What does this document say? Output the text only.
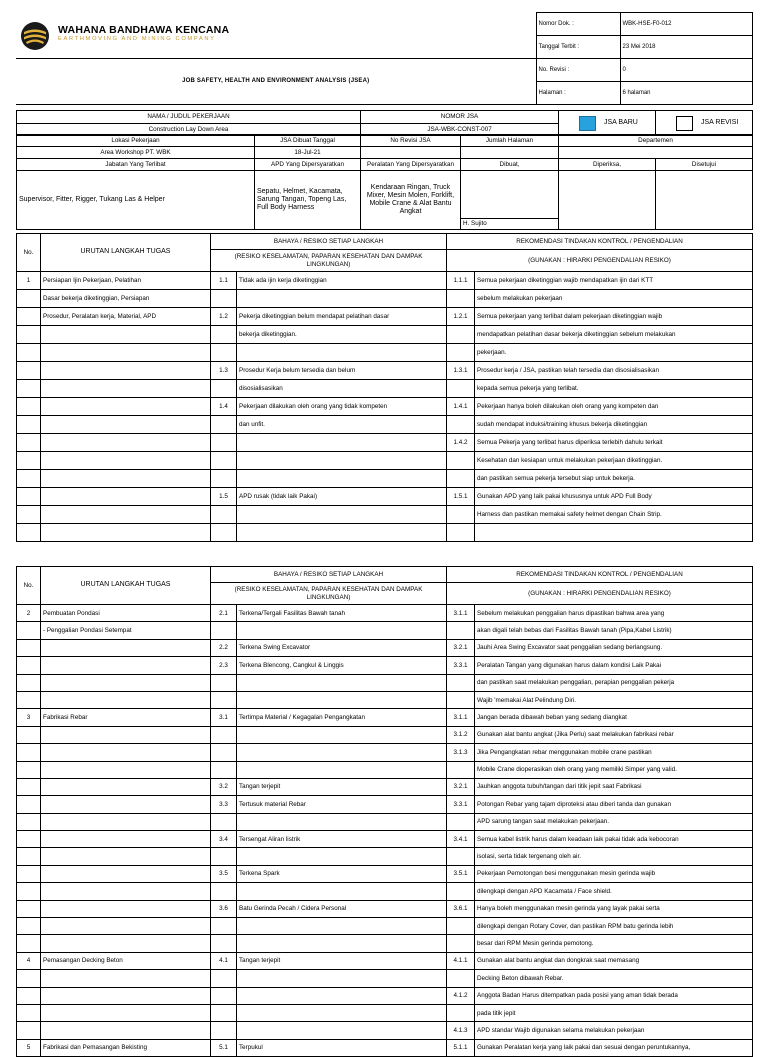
WAHANA BANDHAWA KENCANA
EARTHMOVING AND MINING COMPANY	Nomor Dok. :	WBK-HSE-F0-012
	Tanggal Terbit :	23 Mei 2018
JOB SAFETY, HEALTH AND ENVIRONMENT ANALYSIS (JSEA)	No. Revisi :	0
	Halaman :	6 halaman
NAMA / JUDUL PEKERJAAN	NOMOR JSA	JSA BARU JSA REVISI

Construction Lay Down Area	JSA-WBK-CONST-007	
Lokasi Pekerjaan	JSA Dibuat Tanggal	No Revisi JSA	Jumlah Halaman	Departemen	
Area Workshop PT. WBK	18-Jul-21				
Jabatan Yang Terlibat	APD Yang Dipersyaratkan	Peralatan Yang Dipersyaratkan	Dibuat,	Diperiksa,	Disetujui
Supervisor, Fitter, Rigger, Tukang Las & Helper	Sepatu, Helmet, Kacamata, Sarung Tangan, Topeng Las, Full Body Harness	Kendaraan Ringan, Truck Mixer, Mesin Molen, Forklift, Mobile Crane & Alat Bantu Angkat			
			H. Sujito		
No.	URUTAN LANGKAH TUGAS	BAHAYA / RESIKO SETIAP LANGKAH		REKOMENDASI TINDAKAN KONTROL / PENGENDALIAN	
		(RESIKO KESELAMATAN, PAPARAN KESEHATAN DAN DAMPAK LINGKUNGAN)		(GUNAKAN : HIRARKI PENGENDALIAN RESIKO)	
1	Persiapan Ijin Pekerjaan, Pelatihan	1.1	Tidak ada ijin kerja diketinggian	1.1.1	Semua pekerjaan diketinggian wajib mendapatkan ijin dari KTT
	Dasar bekerja diketinggian, Persiapan				sebelum melakukan pekerjaan
	Prosedur, Peralatan kerja, Material, APD	1.2	Pekerja diketinggian belum mendapat pelatihan dasar	1.2.1	Semua pekerjaan yang terlibat dalam pekerjaan diketinggian wajib
			bekerja diketinggian.		mendapatkan pelatihan dasar bekerja diketinggian sebelum melakukan
					pekerjaan.
		1.3	Prosedur Kerja belum tersedia dan belum	1.3.1	Prosedur kerja / JSA, pastikan telah tersedia dan disosialisasikan
			disosialisasikan		kepada semua pekerja yang terlibat.
		1.4	Pekerjaan dilakukan oleh orang yang tidak kompeten	1.4.1	Pekerjaan hanya boleh dilakukan oleh orang yang kompeten dan
			dan unfit.		sudah mendapat induksi/training khusus bekerja diketinggian
				1.4.2	Semua Pekerja yang terlibat harus diperiksa terlebih dahulu terkait
					Kesehatan dan kesiapan untuk melakukan pekerjaan diketinggian.
					dan pastikan semua pekerja tersebut siap untuk bekerja.
		1.5	APD rusak (tidak laik Pakai)	1.5.1	Gunakan APD yang laik pakai khususnya untuk APD Full Body
					Harness dan pastikan memakai safety helmet dengan Chain Strip.

No.	URUTAN LANGKAH TUGAS	BAHAYA / RESIKO SETIAP LANGKAH		REKOMENDASI TINDAKAN KONTROL / PENGENDALIAN	
		(RESIKO KESELAMATAN, PAPARAN KESEHATAN DAN DAMPAK LINGKUNGAN)		(GUNAKAN : HIRARKI PENGENDALIAN RESIKO)	
2	Pembuatan Pondasi	2.1	Terkena/Tergali Fasilitas Bawah tanah	3.1.1	Sebelum melakukan penggalian harus dipastikan bahwa area yang
	- Penggalian Pondasi Setempat				akan digali telah bebas dari Fasilitas Bawah tanah (Pipa,Kabel Listrik)
		2.2	Terkena Swing Excavator	3.2.1	Jauhi Area Swing Excavator saat penggalian sedang berlangsung.
		2.3	Terkena Blencong, Cangkul & Linggis	3.3.1	Peralatan Tangan yang digunakan harus dalam kondisi Laik Pakai
					dan pastikan saat melakukan penggalian, perapian penggalian pekerja
					Wajib 'memakai Alat Pelindung Diri.
3	Fabrikasi Rebar	3.1	Tertimpa Material / Kegagalan Pengangkatan	3.1.1	Jangan berada dibawah beban yang sedang diangkat
				3.1.2	Gunakan alat bantu angkat (Jika Perlu) saat melakukan fabrikasi rebar
				3.1.3	Jika Pengangkatan rebar menggunakan mobile crane pastikan
					Mobile Crane dioperasikan oleh orang yang memiliki Simper yang valid.
		3.2	Tangan terjepit	3.2.1	Jauhkan anggota tubuh/tangan dari titik jepit saat Fabrikasi
		3.3	Tertusuk material Rebar	3.3.1	Potongan Rebar yang tajam diproteksi atau diberi tanda dan gunakan
					APD sarung tangan saat melakukan pekerjaan.
		3.4	Tersengat Aliran listrik	3.4.1	Semua kabel listrik harus dalam keadaan laik pakai tidak ada kebocoran
					isolasi, serta tidak tergenang oleh air.
		3.5	Terkena Spark	3.5.1	Pekerjaan Pemotongan besi menggunakan mesin gerinda wajib
					dilengkapi dengan APD Kacamata / Face shield.
		3.6	Batu Gerinda Pecah / Cidera Personal	3.6.1	Hanya boleh menggunakan mesin gerinda yang layak pakai serta
					dilengkapi dengan Rotary Cover, dan pastikan RPM batu gerinda lebih
					besar dari RPM Mesin gerinda pemotong.
4	Pemasangan Decking Beton	4.1	Tangan terjepit	4.1.1	Gunakan alat bantu angkat dan dongkrak saat memasang
					Decking Beton dibawah Rebar.
				4.1.2	Anggota Badan Harus ditempatkan pada posisi yang aman tidak berada
					pada titik jepit
				4.1.3	APD standar Wajib digunakan selama melakukan pekerjaan
5	Fabrikasi dan Pemasangan Bekisting	5.1	Terpukul	5.1.1	Gunakan Peralatan kerja yang laik pakai dan sesuai dengan peruntukannya,
